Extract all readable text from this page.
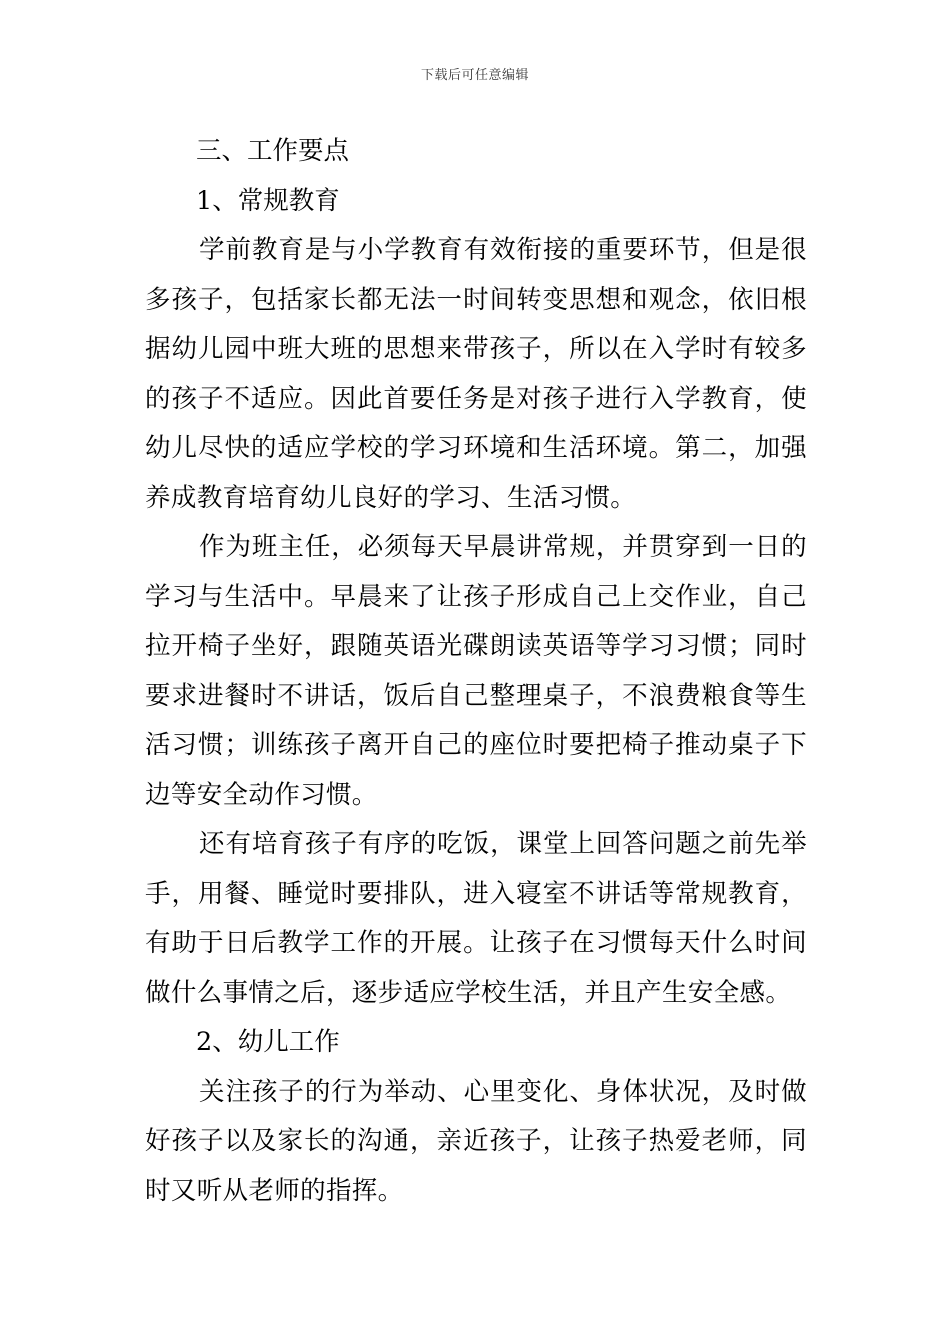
下载后可任意编辑

三、工作要点

1、常规教育

学前教育是与小学教育有效衔接的重要环节，但是很多孩子，包括家长都无法一时间转变思想和观念，依旧根据幼儿园中班大班的思想来带孩子，所以在入学时有较多的孩子不适应。因此首要任务是对孩子进行入学教育，使幼儿尽快的适应学校的学习环境和生活环境。第二，加强养成教育培育幼儿良好的学习、生活习惯。

作为班主任，必须每天早晨讲常规，并贯穿到一日的学习与生活中。早晨来了让孩子形成自己上交作业，自己拉开椅子坐好，跟随英语光碟朗读英语等学习习惯；同时要求进餐时不讲话，饭后自己整理桌子，不浪费粮食等生活习惯；训练孩子离开自己的座位时要把椅子推动桌子下边等安全动作习惯。

还有培育孩子有序的吃饭，课堂上回答问题之前先举手，用餐、睡觉时要排队，进入寝室不讲话等常规教育，有助于日后教学工作的开展。让孩子在习惯每天什么时间做什么事情之后，逐步适应学校生活，并且产生安全感。

2、幼儿工作

关注孩子的行为举动、心里变化、身体状况，及时做好孩子以及家长的沟通，亲近孩子，让孩子热爱老师，同时又听从老师的指挥。
